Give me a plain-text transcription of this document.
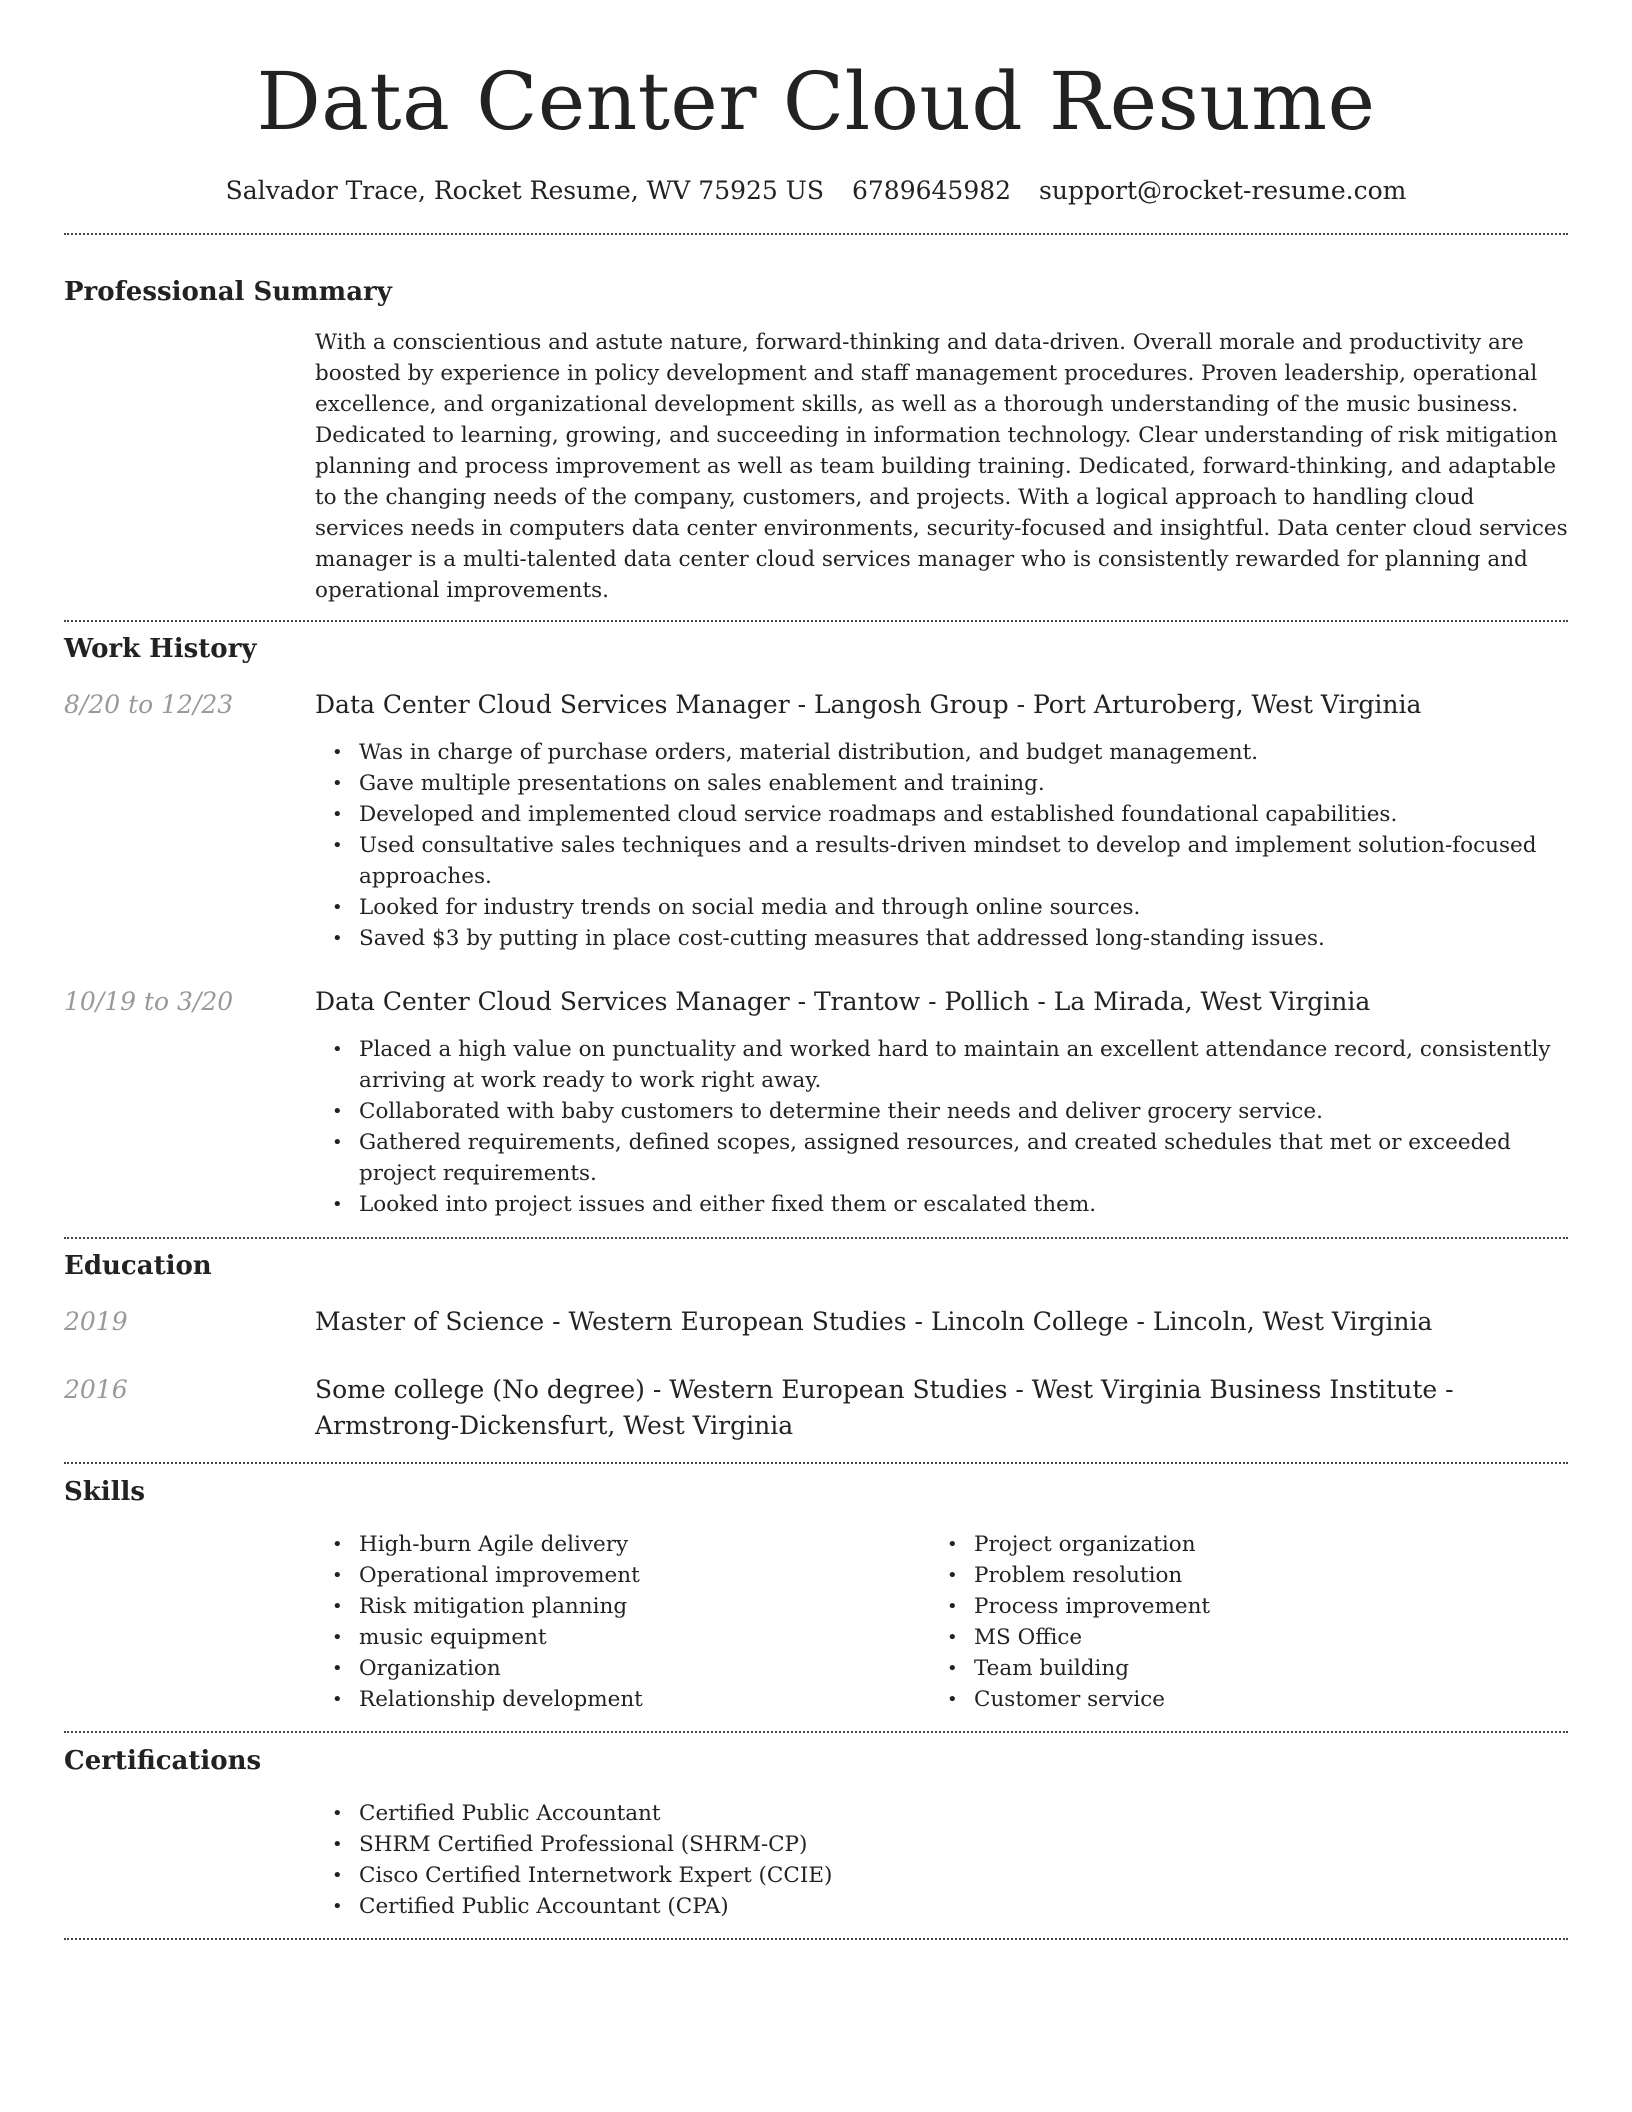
Data Center Cloud Resume
Salvador Trace, Rocket Resume, WV 75925 US 6789645982 support@rocket-resume.com
Professional Summary

With a conscientious and astute nature, forward-thinking and data-driven. Overall morale and productivity are boosted by experience in policy development and staff management procedures. Proven leadership, operational excellence, and organizational development skills, as well as a thorough understanding of the music business. Dedicated to learning, growing, and succeeding in information technology. Clear understanding of risk mitigation planning and process improvement as well as team building training. Dedicated, forward-thinking, and adaptable to the changing needs of the company, customers, and projects. With a logical approach to handling cloud services needs in computers data center environments, security-focused and insightful. Data center cloud services manager is a multi-talented data center cloud services manager who is consistently rewarded for planning and operational improvements.

Work History
8/20 to 12/23	Data Center Cloud Services Manager - Langosh Group - Port Arturoberg, West Virginia
• Was in charge of purchase orders, material distribution, and budget management.
• Gave multiple presentations on sales enablement and training.
• Developed and implemented cloud service roadmaps and established foundational capabilities.
• Used consultative sales techniques and a results-driven mindset to develop and implement solution-focused approaches.
• Looked for industry trends on social media and through online sources.
• Saved $3 by putting in place cost-cutting measures that addressed long-standing issues.
10/19 to 3/20	Data Center Cloud Services Manager - Trantow - Pollich - La Mirada, West Virginia
• Placed a high value on punctuality and worked hard to maintain an excellent attendance record, consistently arriving at work ready to work right away.
• Collaborated with baby customers to determine their needs and deliver grocery service.
• Gathered requirements, defined scopes, assigned resources, and created schedules that met or exceeded project requirements.
• Looked into project issues and either fixed them or escalated them.
Education
2019	Master of Science - Western European Studies - Lincoln College - Lincoln, West Virginia
2016	Some college (No degree) - Western European Studies - West Virginia Business Institute - Armstrong-Dickensfurt, West Virginia
Skills
• High-burn Agile delivery
• Operational improvement
• Risk mitigation planning
• music equipment
• Organization
• Relationship development
• Project organization
• Problem resolution
• Process improvement
• MS Office
• Team building
• Customer service
Certifications
• Certified Public Accountant
• SHRM Certified Professional (SHRM-CP)
• Cisco Certified Internetwork Expert (CCIE)
• Certified Public Accountant (CPA)
